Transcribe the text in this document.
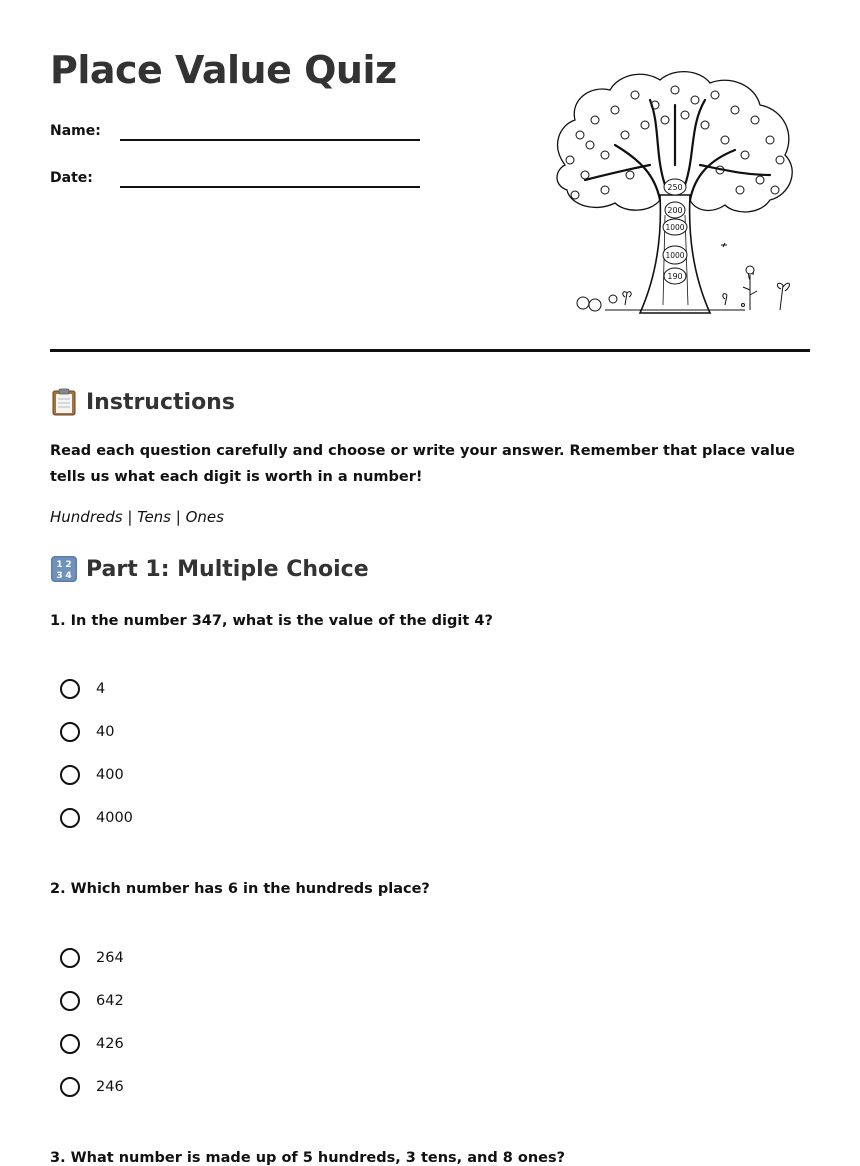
Place Value Quiz
Name:
Date:
250
200
1000
1000
190
Instructions
Read each question carefully and choose or write your answer. Remember that place value tells us what each digit is worth in a number!
Hundreds | Tens | Ones
1 2
3 4 Part 1: Multiple Choice
1. In the number 347, what is the value of the digit 4?
4
40
400
4000
2. Which number has 6 in the hundreds place?
264
642
426
246
3. What number is made up of 5 hundreds, 3 tens, and 8 ones?
